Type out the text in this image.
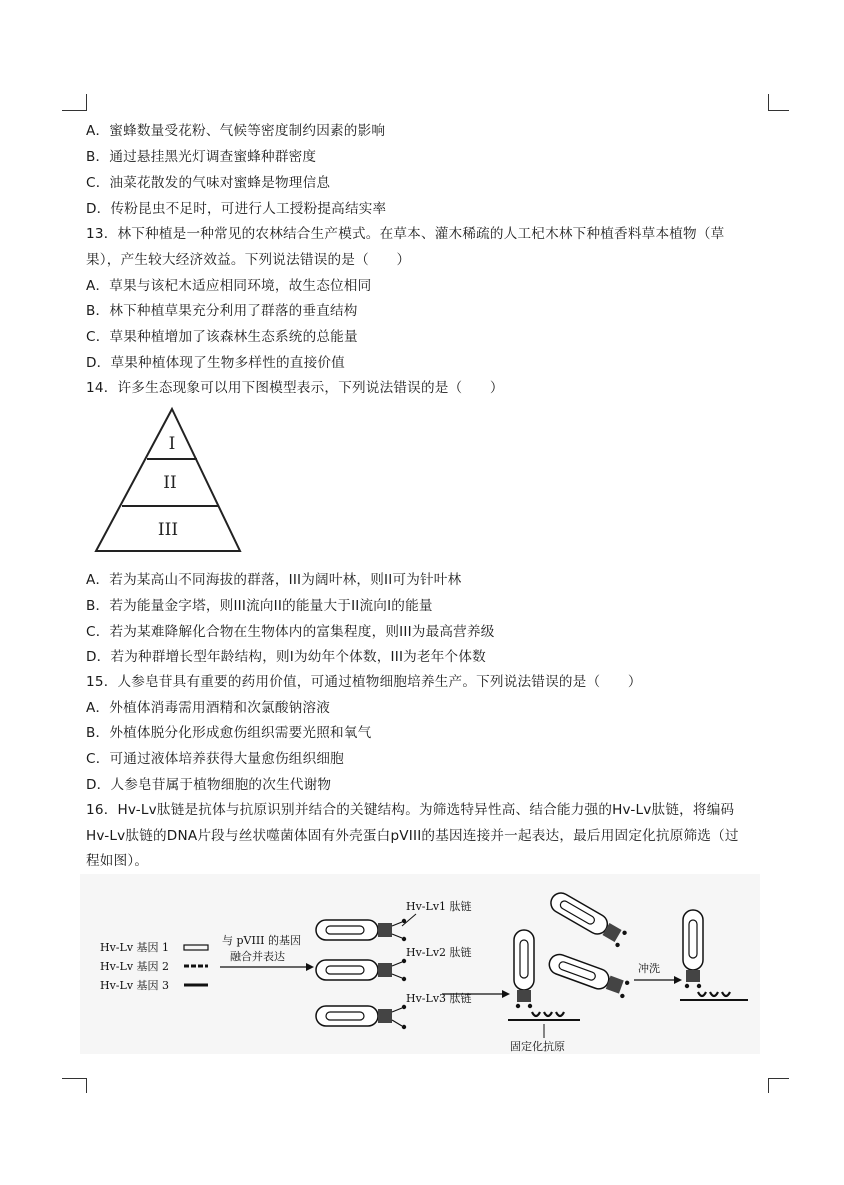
A．蜜蜂数量受花粉、气候等密度制约因素的影响
B．通过悬挂黑光灯调查蜜蜂种群密度
C．油菜花散发的气味对蜜蜂是物理信息
D．传粉昆虫不足时，可进行人工授粉提高结实率
13．林下种植是一种常见的农林结合生产模式。在草本、灌木稀疏的人工杞木林下种植香料草本植物（草
果），产生较大经济效益。下列说法错误的是（　　）
A．草果与该杞木适应相同环境，故生态位相同
B．林下种植草果充分利用了群落的垂直结构
C．草果种植增加了该森林生态系统的总能量
D．草果种植体现了生物多样性的直接价值
14．许多生态现象可以用下图模型表示，下列说法错误的是（　　）
I
II
III
A．若为某高山不同海拔的群落，III为阔叶林，则II可为针叶林
B．若为能量金字塔，则III流向II的能量大于II流向I的能量
C．若为某难降解化合物在生物体内的富集程度，则III为最高营养级
D．若为种群增长型年龄结构，则I为幼年个体数，III为老年个体数
15．人参皂苷具有重要的药用价值，可通过植物细胞培养生产。下列说法错误的是（　　）
A．外植体消毒需用酒精和次氯酸钠溶液
B．外植体脱分化形成愈伤组织需要光照和氧气
C．可通过液体培养获得大量愈伤组织细胞
D．人参皂苷属于植物细胞的次生代谢物
16．Hv-Lv肽链是抗体与抗原识别并结合的关键结构。为筛选特异性高、结合能力强的Hv-Lv肽链，将编码
Hv-Lv肽链的DNA片段与丝状噬菌体固有外壳蛋白pVIII的基因连接并一起表达，最后用固定化抗原筛选（过
程如图）。
Hv-Lv 基因 1
Hv-Lv 基因 2
Hv-Lv 基因 3
与 pVIII 的基因
融合并表达
Hv-Lv1 肽链
Hv-Lv2 肽链
Hv-Lv3 肽链
固定化抗原
冲洗
